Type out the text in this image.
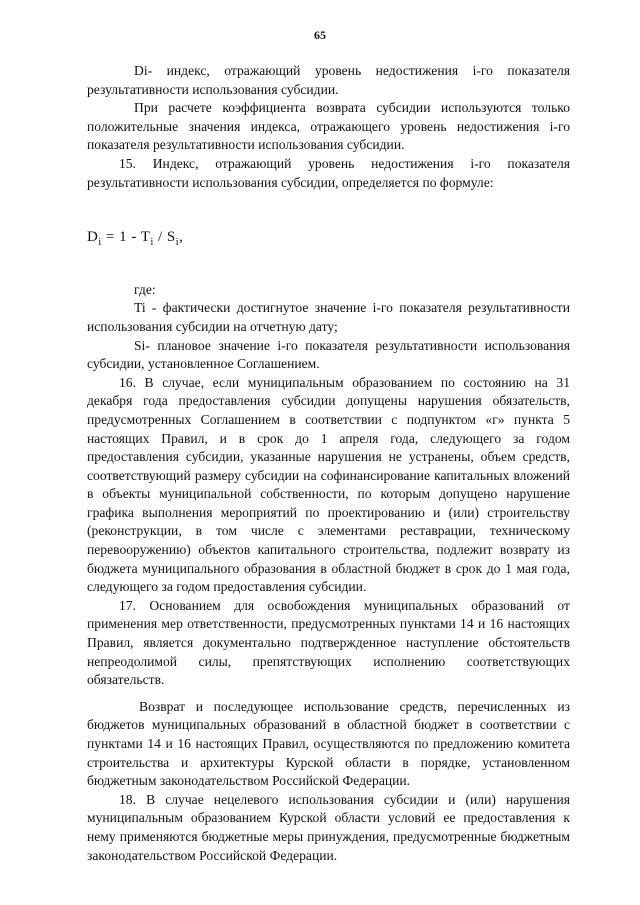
65

Di- индекс, отражающий уровень недостижения i-го показателя результативности использования субсидии.

При расчете коэффициента возврата субсидии используются только положительные значения индекса, отражающего уровень недостижения i-го показателя результативности использования субсидии.

15. Индекс, отражающий уровень недостижения i-го показателя результативности использования субсидии, определяется по формуле:

$D_i = 1 - T_i / S_i$,

где:

Ti - фактически достигнутое значение i-го показателя результативности использования субсидии на отчетную дату;

Si- плановое значение i-го показателя результативности использования субсидии, установленное Соглашением.

16. В случае, если муниципальным образованием по состоянию на 31 декабря года предоставления субсидии допущены нарушения обязательств, предусмотренных Соглашением в соответствии с подпунктом «г» пункта 5 настоящих Правил, и в срок до 1 апреля года, следующего за годом предоставления субсидии, указанные нарушения не устранены, объем средств, соответствующий размеру субсидии на софинансирование капитальных вложений в объекты муниципальной собственности, по которым допущено нарушение графика выполнения мероприятий по проектированию и (или) строительству (реконструкции, в том числе с элементами реставрации, техническому перевооружению) объектов капитального строительства, подлежит возврату из бюджета муниципального образования в областной бюджет в срок до 1 мая года, следующего за годом предоставления субсидии.

17. Основанием для освобождения муниципальных образований от применения мер ответственности, предусмотренных пунктами 14 и 16 настоящих Правил, является документально подтвержденное наступление обстоятельств непреодолимой силы, препятствующих исполнению соответствующих обязательств.

Возврат и последующее использование средств, перечисленных из бюджетов муниципальных образований в областной бюджет в соответствии с пунктами 14 и 16 настоящих Правил, осуществляются по предложению комитета строительства и архитектуры Курской области в порядке, установленном бюджетным законодательством Российской Федерации.

18. В случае нецелевого использования субсидии и (или) нарушения муниципальным образованием Курской области условий ее предоставления к нему применяются бюджетные меры принуждения, предусмотренные бюджетным законодательством Российской Федерации.
